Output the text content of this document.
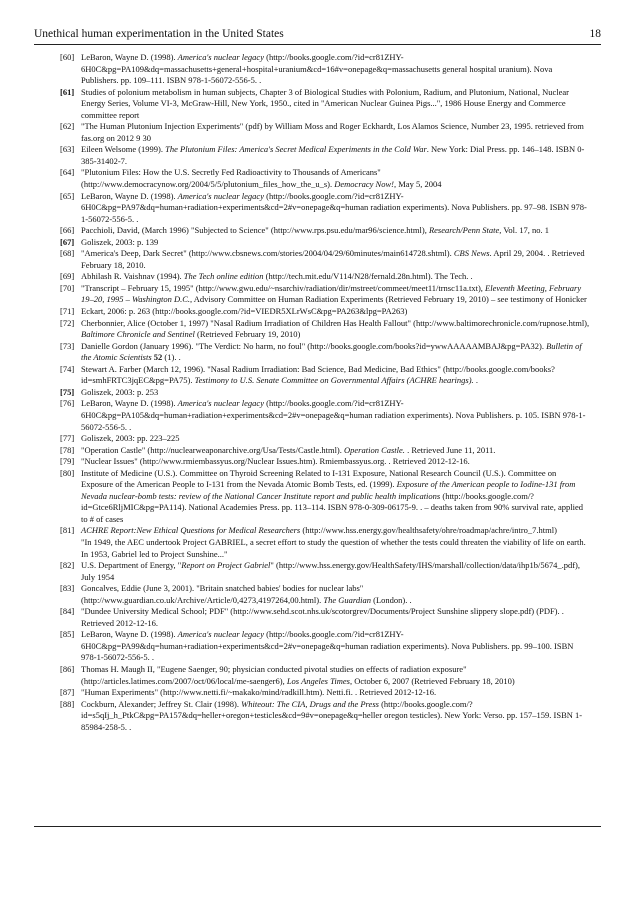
Unethical human experimentation in the United States	18
[60] LeBaron, Wayne D. (1998). America's nuclear legacy (http://books.google.com/?id=cr81ZHY-6H0C&pg=PA109&dq=massachusetts+general+hospital+uranium&cd=16#v=onepage&q=massachusetts general hospital uranium). Nova Publishers. pp. 109–111. ISBN 978-1-56072-556-5. .
[61] Studies of polonium metabolism in human subjects, Chapter 3 of Biological Studies with Polonium, Radium, and Plutonium, National, Nuclear Energy Series, Volume VI-3, McGraw-Hill, New York, 1950., cited in "American Nuclear Guinea Pigs...", 1986 House Energy and Commerce committee report
[62] "The Human Plutonium Injection Experiments" (pdf) by William Moss and Roger Eckhardt, Los Alamos Science, Number 23, 1995. retrieved from fas.org on 2012 9 30
[63] Eileen Welsome (1999). The Plutonium Files: America's Secret Medical Experiments in the Cold War. New York: Dial Press. pp. 146–148. ISBN 0-385-31402-7.
[64] "Plutonium Files: How the U.S. Secretly Fed Radioactivity to Thousands of Americans" (http://www.democracynow.org/2004/5/5/plutonium_files_how_the_u_s). Democracy Now!, May 5, 2004
[65] LeBaron, Wayne D. (1998). America's nuclear legacy (http://books.google.com/?id=cr81ZHY-6H0C&pg=PA97&dq=human+radiation+experiments&cd=2#v=onepage&q=human radiation experiments). Nova Publishers. pp. 97–98. ISBN 978-1-56072-556-5. .
[66] Pacchioli, David, (March 1996) "Subjected to Science" (http://www.rps.psu.edu/mar96/science.html), Research/Penn State, Vol. 17, no. 1
[67] Goliszek, 2003: p. 139
[68] "America's Deep, Dark Secret" (http://www.cbsnews.com/stories/2004/04/29/60minutes/main614728.shtml). CBS News. April 29, 2004. . Retrieved February 18, 2010.
[69] Abhilash R. Vaishnav (1994). The Tech online edition (http://tech.mit.edu/V114/N28/fernald.28n.html). The Tech. .
[70] "Transcript – February 15, 1995" (http://www.gwu.edu/~nsarchiv/radiation/dir/mstreet/commeet/meet11/trnsc11a.txt), Eleventh Meeting, February 19–20, 1995 – Washington D.C., Advisory Committee on Human Radiation Experiments (Retrieved February 19, 2010) – see testimony of Honicker
[71] Eckart, 2006: p. 263 (http://books.google.com/?id=VIEDR5XLrWsC&pg=PA263&lpg=PA263)
[72] Cherbonnier, Alice (October 1, 1997) "Nasal Radium Irradiation of Children Has Health Fallout" (http://www.baltimorechronicle.com/rupnose.html), Baltimore Chronicle and Sentinel (Retrieved February 19, 2010)
[73] Danielle Gordon (January 1996). "The Verdict: No harm, no foul" (http://books.google.com/books?id=ywwAAAAAMBAJ&pg=PA32). Bulletin of the Atomic Scientists 52 (1). .
[74] Stewart A. Farber (March 12, 1996). "Nasal Radium Irradiation: Bad Science, Bad Medicine, Bad Ethics" (http://books.google.com/books?id=smhFRTC3jqEC&pg=PA75). Testimony to U.S. Senate Committee on Governmental Affairs (ACHRE hearings). .
[75] Goliszek, 2003: p. 253
[76] LeBaron, Wayne D. (1998). America's nuclear legacy (http://books.google.com/?id=cr81ZHY-6H0C&pg=PA105&dq=human+radiation+experiments&cd=2#v=onepage&q=human radiation experiments). Nova Publishers. p. 105. ISBN 978-1-56072-556-5. .
[77] Goliszek, 2003: pp. 223–225
[78] "Operation Castle" (http://nuclearweaponarchive.org/Usa/Tests/Castle.html). Operation Castle. . Retrieved June 11, 2011.
[79] "Nuclear Issues" (http://www.rmiembassyus.org/Nuclear Issues.htm). Rmiembassyus.org. . Retrieved 2012-12-16.
[80] Institute of Medicine (U.S.). Committee on Thyroid Screening Related to I-131 Exposure, National Research Council (U.S.). Committee on Exposure of the American People to I-131 from the Nevada Atomic Bomb Tests, ed. (1999). Exposure of the American people to Iodine-131 from Nevada nuclear-bomb tests: review of the National Cancer Institute report and public health implications (http://books.google.com/?id=Gtce6RljMIC&pg=PA114). National Academies Press. pp. 113–114. ISBN 978-0-309-06175-9. . – deaths taken from 90% survival rate, applied to # of cases
[81] ACHRE Report:New Ethical Questions for Medical Researchers (http://www.hss.energy.gov/healthsafety/ohre/roadmap/achre/intro_7.html)
"In 1949, the AEC undertook Project GABRIEL, a secret effort to study the question of whether the tests could threaten the viability of life on earth. In 1953, Gabriel led to Project Sunshine..."
[82] U.S. Department of Energy, "Report on Project Gabriel" (http://www.hss.energy.gov/HealthSafety/IHS/marshall/collection/data/ihp1b/5674_.pdf), July 1954
[83] Goncalves, Eddie (June 3, 2001). "Britain snatched babies' bodies for nuclear labs" (http://www.guardian.co.uk/Archive/Article/0,4273,4197264,00.html). The Guardian (London). .
[84] "Dundee University Medical School; PDF" (http://www.sehd.scot.nhs.uk/scotorgrev/Documents/Project Sunshine slippery slope.pdf) (PDF). . Retrieved 2012-12-16.
[85] LeBaron, Wayne D. (1998). America's nuclear legacy (http://books.google.com/?id=cr81ZHY-6H0C&pg=PA99&dq=human+radiation+experiments&cd=2#v=onepage&q=human radiation experiments). Nova Publishers. pp. 99–100. ISBN 978-1-56072-556-5. .
[86] Thomas H. Maugh II, "Eugene Saenger, 90; physician conducted pivotal studies on effects of radiation exposure" (http://articles.latimes.com/2007/oct/06/local/me-saenger6), Los Angeles Times, October 6, 2007 (Retrieved February 18, 2010)
[87] "Human Experiments" (http://www.netti.fi/~makako/mind/radkill.htm). Netti.fi. . Retrieved 2012-12-16.
[88] Cockburn, Alexander; Jeffrey St. Clair (1998). Whiteout: The CIA, Drugs and the Press (http://books.google.com/?id=s5qIj_h_PtkC&pg=PA157&dq=heller+oregon+testicles&cd=9#v=onepage&q=heller oregon testicles). New York: Verso. pp. 157–159. ISBN 1-85984-258-5. .
